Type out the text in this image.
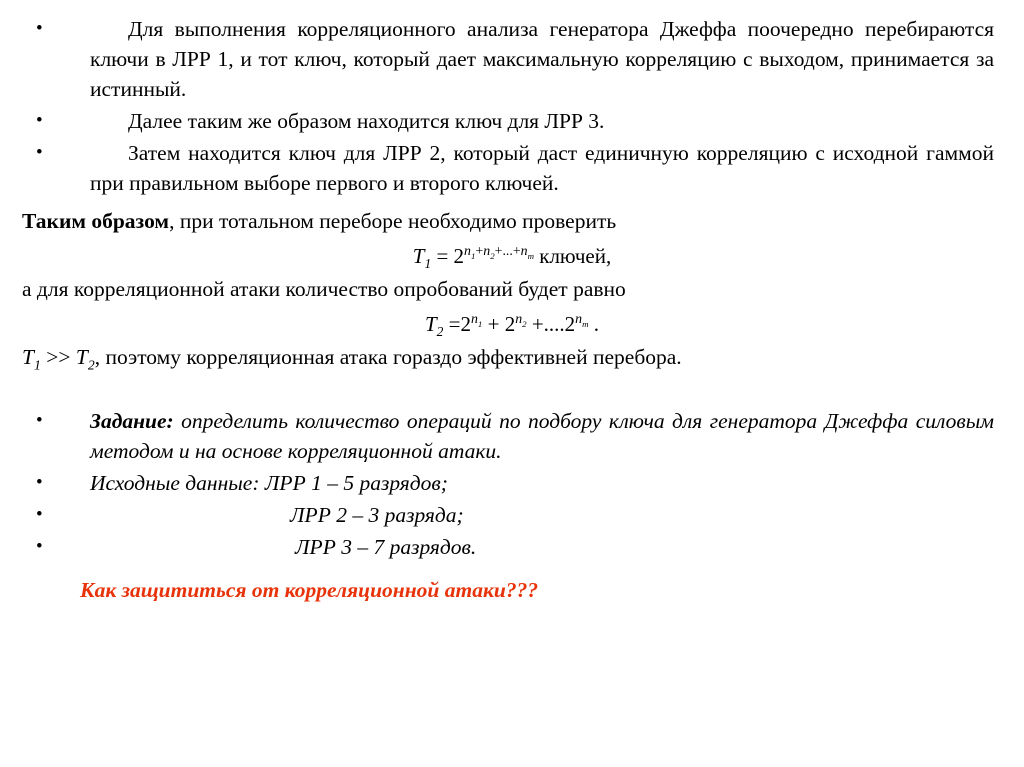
•	Для выполнения корреляционного анализа генератора Джеффа поочередно перебираются ключи в ЛРР 1, и тот ключ, который дает максимальную корреляцию с выходом, принимается за истинный.
•	Далее таким же образом находится ключ для ЛРР 3.
•	Затем находится ключ для ЛРР 2, который даст единичную корреляцию с исходной гаммой при правильном выборе первого и второго ключей.

Таким образом, при тотальном переборе необходимо проверить

$T_1 = 2^{n_1+n_2+...+n_m}$ ключей,

а для корреляционной атаки количество опробований будет равно

$T_2 =2^{n_1} + 2^{n_2} +....2^{n_m}$ .

$T_1 >> T_2$, поэтому корреляционная атака гораздо эффективней перебора.

•	Задание: определить количество операций по подбору ключа для генератора Джеффа силовым методом и на основе корреляционной атаки.
•	Исходные данные: ЛРР 1 – 5 разрядов;
•	ЛРР 2 – 3 разряда;
•	ЛРР 3 – 7 разрядов.
Как защититься от корреляционной атаки???
